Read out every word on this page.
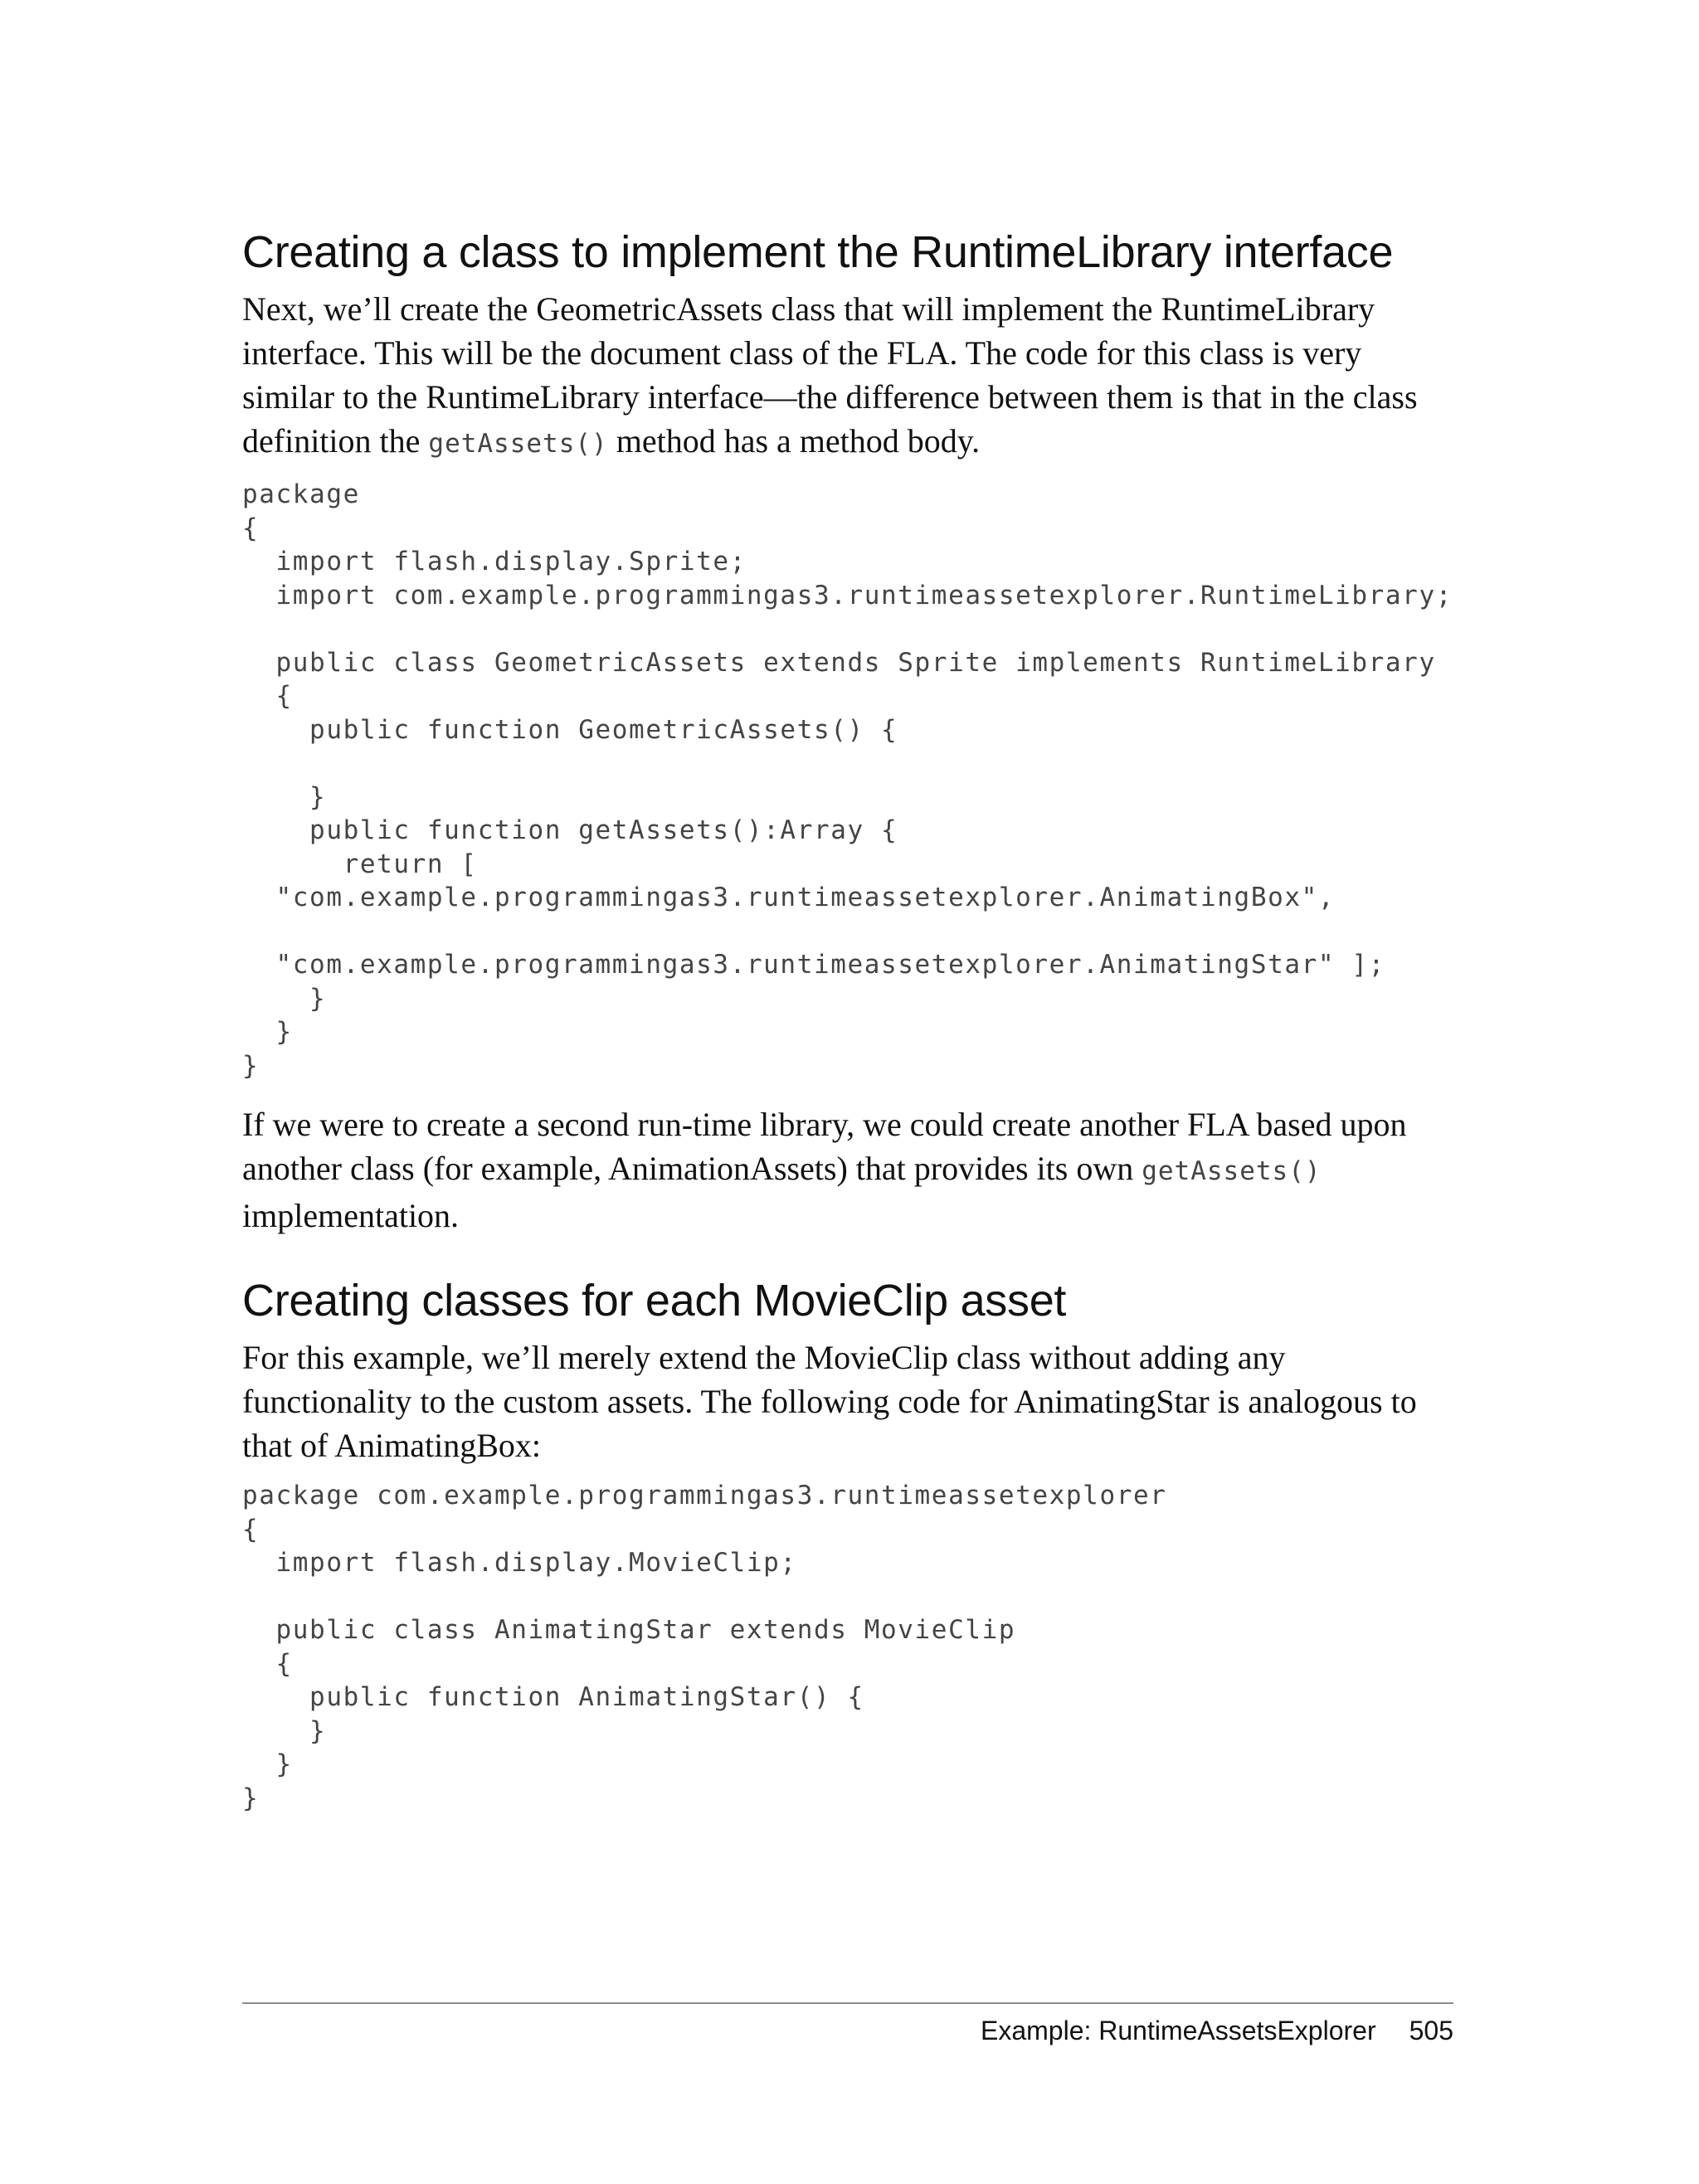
Creating a class to implement the RuntimeLibrary interface

Next, we’ll create the GeometricAssets class that will implement the RuntimeLibrary interface. This will be the document class of the FLA. The code for this class is very similar to the RuntimeLibrary interface—the difference between them is that in the class definition the getAssets() method has a method body.

package
{
import flash.display.Sprite;
import com.example.programmingas3.runtimeassetexplorer.RuntimeLibrary;
public class GeometricAssets extends Sprite implements RuntimeLibrary
{
public function GeometricAssets() {
}
public function getAssets():Array {
return [
"com.example.programmingas3.runtimeassetexplorer.AnimatingBox",
"com.example.programmingas3.runtimeassetexplorer.AnimatingStar" ];
}
}
}

If we were to create a second run-time library, we could create another FLA based upon another class (for example, AnimationAssets) that provides its own getAssets()
implementation.

Creating classes for each MovieClip asset

For this example, we’ll merely extend the MovieClip class without adding any functionality to the custom assets. The following code for AnimatingStar is analogous to that of AnimatingBox:

package com.example.programmingas3.runtimeassetexplorer
{
import flash.display.MovieClip;
public class AnimatingStar extends MovieClip
{
public function AnimatingStar() {
}
}
}
Example: RuntimeAssetsExplorer 505
